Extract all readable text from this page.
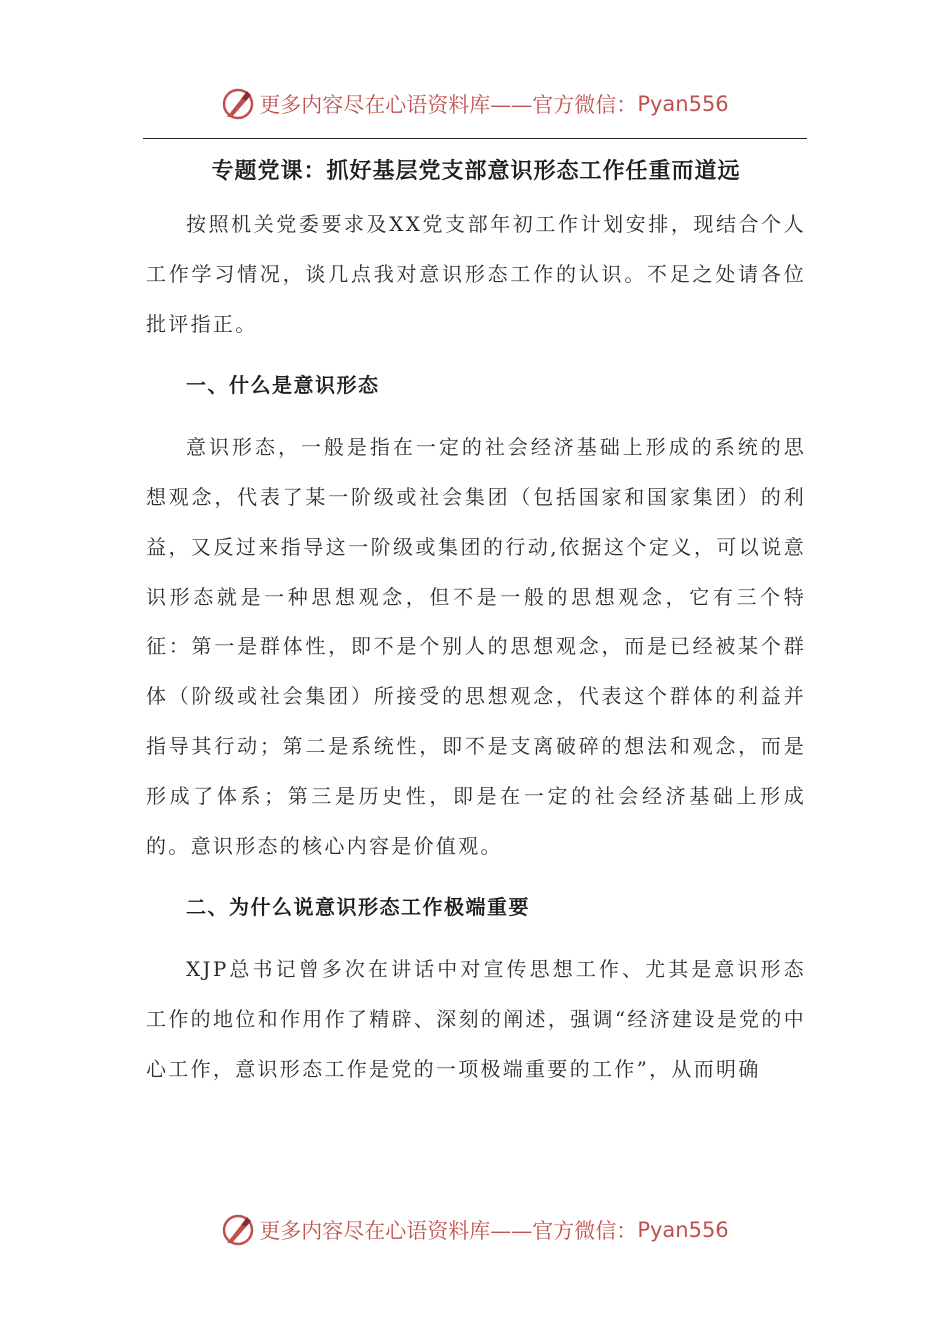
更多内容尽在心语资料库——官方微信： Pyan556
专题党课：抓好基层党支部意识形态工作任重而道远

按照机关党委要求及XX党支部年初工作计划安排，现结合个人工作学习情况，谈几点我对意识形态工作的认识。不足之处请各位批评指正。

一、什么是意识形态

意识形态，一般是指在一定的社会经济基础上形成的系统的思想观念，代表了某一阶级或社会集团（包括国家和国家集团）的利益，又反过来指导这一阶级或集团的行动,依据这个定义，可以说意识形态就是一种思想观念，但不是一般的思想观念，它有三个特征：第一是群体性，即不是个别人的思想观念，而是已经被某个群体（阶级或社会集团）所接受的思想观念，代表这个群体的利益并指导其行动；第二是系统性，即不是支离破碎的想法和观念，而是形成了体系；第三是历史性，即是在一定的社会经济基础上形成的。意识形态的核心内容是价值观。

二、为什么说意识形态工作极端重要

XJP总书记曾多次在讲话中对宣传思想工作、尤其是意识形态工作的地位和作用作了精辟、深刻的阐述，强调“经济建设是党的中心工作，意识形态工作是党的一项极端重要的工作”，从而明确

更多内容尽在心语资料库——官方微信： Pyan556
